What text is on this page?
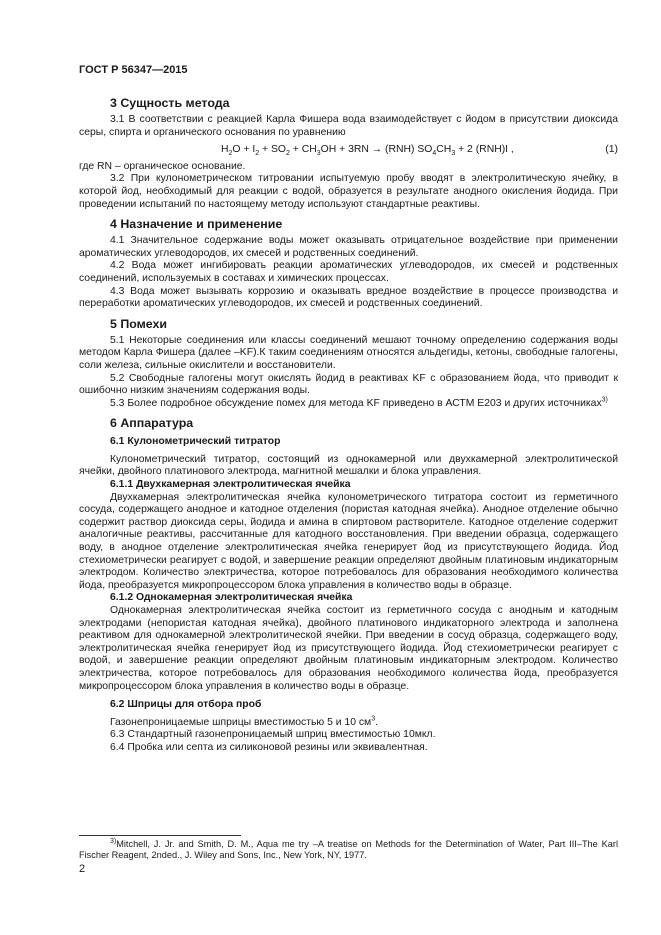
ГОСТ Р 56347—2015

3 Сущность метода

3.1 В соответствии с реакцией Карла Фишера вода взаимодействует с йодом в присутствии диоксида серы, спирта и органического основания по уравнению

$H_2O + I_2 + SO_2 + CH_3OH + 3RN \to (RNH) SO_4CH_3 + 2$ (RNH)I ,	(1)

где RN – органическое основание.

3.2 При кулонометрическом титровании испытуемую пробу вводят в электролитическую ячейку, в которой йод, необходимый для реакции с водой, образуется в результате анодного окисления йодида. При проведении испытаний по настоящему методу используют стандартные реактивы.

4 Назначение и применение

4.1 Значительное содержание воды может оказывать отрицательное воздействие при применении ароматических углеводородов, их смесей и родственных соединений.

4.2 Вода может ингибировать реакции ароматических углеводородов, их смесей и родственных соединений, используемых в составах и химических процессах.

4.3 Вода может вызывать коррозию и оказывать вредное воздействие в процессе производства и переработки ароматических углеводородов, их смесей и родственных соединений.

5 Помехи

5.1 Некоторые соединения или классы соединений мешают точному определению содержания воды методом Карла Фишера (далее –KF).К таким соединениям относятся альдегиды, кетоны, свободные галогены, соли железа, сильные окислители и восстановители.

5.2 Свободные галогены могут окислять йодид в реактивах KF с образованием йода, что приводит к ошибочно низким значениям содержания воды.

5.3 Более подробное обсуждение помех для метода KF приведено в АСТМ Е203 и других источниках$^{3)}$

6 Аппаратура

6.1 Кулонометрический титратор

Кулонометрический титратор, состоящий из однокамерной или двухкамерной электролитической ячейки, двойного платинового электрода, магнитной мешалки и блока управления.

6.1.1 Двухкамерная электролитическая ячейка

Двухкамерная электролитическая ячейка кулонометрического титратора состоит из герметичного сосуда, содержащего анодное и катодное отделения (пористая катодная ячейка). Анодное отделение обычно содержит раствор диоксида серы, йодида и амина в спиртовом растворителе. Катодное отделение содержит аналогичные реактивы, рассчитанные для катодного восстановления. При введении образца, содержащего воду, в анодное отделение электролитическая ячейка генерирует йод из присутствующего йодида. Йод стехиометрически реагирует с водой, и завершение реакции определяют двойным платиновым индикаторным электродом. Количество электричества, которое потребовалось для образования необходимого количества йода, преобразуется микропроцессором блока управления в количество воды в образце.

6.1.2 Однокамерная электролитическая ячейка

Однокамерная электролитическая ячейка состоит из герметичного сосуда с анодным и катодным электродами (непористая катодная ячейка), двойного платинового индикаторного электрода и заполнена реактивом для однокамерной электролитической ячейки. При введении в сосуд образца, содержащего воду, электролитическая ячейка генерирует йод из присутствующего йодида. Йод стехиометрически реагирует с водой, и завершение реакции определяют двойным платиновым индикаторным электродом. Количество электричества, которое потребовалось для образования необходимого количества йода, преобразуется микропроцессором блока управления в количество воды в образце.

6.2 Шприцы для отбора проб

Газонепроницаемые шприцы вместимостью 5 и 10 $см^3$.

6.3 Стандартный газонепроницаемый шприц вместимостью 10мкл.

6.4 Пробка или септа из силиконовой резины или эквивалентная.

$^{3)}$Mitchell, J. Jr. and Smith, D. M., Aqua me try –A treatise on Methods for the Determination of Water, Part III–The Karl Fischer Reagent, 2nded., J. Wiley and Sons, Inc., New York, NY, 1977.
2
